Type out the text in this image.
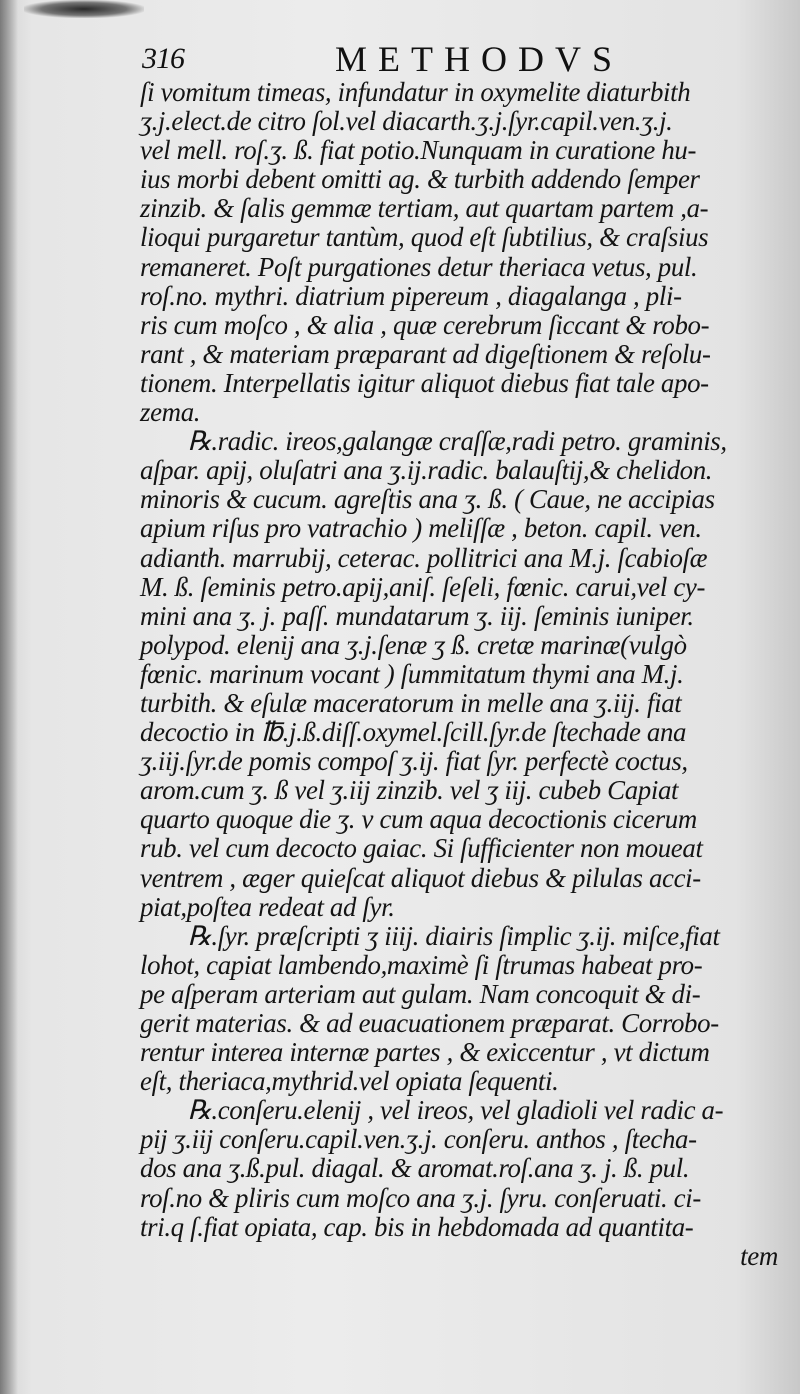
316	METHODVS
ſi vomitum timeas, infundatur in oxymelite diaturbith
ʒ.j.elect.de citro ſol.vel diacarth.ʒ.j.ſyr.capil.ven.ʒ.j.
vel mell. roſ.ʒ. ß. fiat potio.Nunquam in curatione hu-
ius morbi debent omitti ag. & turbith addendo ſemper
zinzib. & ſalis gemmæ tertiam, aut quartam partem ,a-
lioqui purgaretur tantùm, quod eſt ſubtilius, & craſsius
remaneret. Poſt purgationes detur theriaca vetus, pul.
roſ.no. mythri. diatrium pipereum , diagalanga , pli-
ris cum moſco , & alia , quæ cerebrum ſiccant & robo-
rant , & materiam præparant ad digeſtionem & reſolu-
tionem. Interpellatis igitur aliquot diebus fiat tale apo-
zema.
℞.radic. ireos,galangæ craſſæ,radi petro. graminis,
aſpar. apij, oluſatri ana ʒ.ij.radic. balauſtij,& chelidon.
minoris & cucum. agreſtis ana ʒ. ß. ( Caue, ne accipias
apium riſus pro vatrachio ) meliſſæ , beton. capil. ven.
adianth. marrubij, ceterac. pollitrici ana M.j. ſcabioſæ
M. ß. ſeminis petro.apij,aniſ. ſeſeli, fœnic. carui,vel cy-
mini ana ʒ. j. paſſ. mundatarum ʒ. iij. ſeminis iuniper.
polypod. elenij ana ʒ.j.ſenæ ʒ ß. cretæ marinæ(vulgò
fœnic. marinum vocant ) ſummitatum thymi ana M.j.
turbith. & eſulæ maceratorum in melle ana ʒ.iij. fiat
decoctio in ℔.j.ß.diſſ.oxymel.ſcill.ſyr.de ſtechade ana
ʒ.iij.ſyr.de pomis compoſ ʒ.ij. fiat ſyr. perfectè coctus,
arom.cum ʒ. ß vel ʒ.iij zinzib. vel ʒ iij. cubeb Capiat
quarto quoque die ʒ. v cum aqua decoctionis cicerum
rub. vel cum decocto gaiac. Si ſufficienter non moueat
ventrem , æger quieſcat aliquot diebus & pilulas acci-
piat,poſtea redeat ad ſyr.
℞.ſyr. præſcripti ʒ iiij. diairis ſimplic ʒ.ij. miſce,fiat
lohot, capiat lambendo,maximè ſi ſtrumas habeat pro-
pe aſperam arteriam aut gulam. Nam concoquit & di-
gerit materias. & ad euacuationem præparat. Corrobo-
rentur interea internæ partes , & exiccentur , vt dictum
eſt, theriaca,mythrid.vel opiata ſequenti.
℞.conſeru.elenij , vel ireos, vel gladioli vel radic a-
pij ʒ.iij conſeru.capil.ven.ʒ.j. conſeru. anthos , ſtecha-
dos ana ʒ.ß.pul. diagal. & aromat.roſ.ana ʒ. j. ß. pul.
roſ.no & pliris cum moſco ana ʒ.j. ſyru. conſeruati. ci-
tri.q ſ.fiat opiata, cap. bis in hebdomada ad quantita-
tem
